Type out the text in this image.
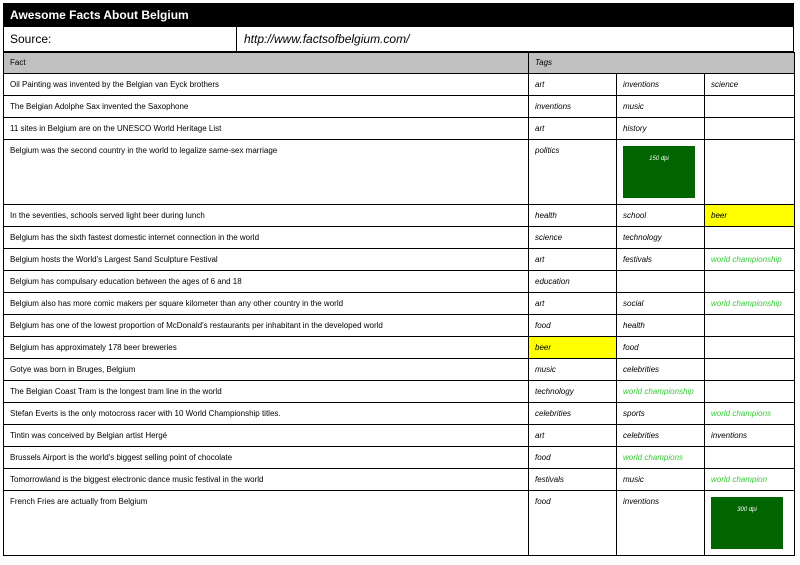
Awesome Facts About Belgium
Source:	http://www.factsofbelgium.com/
Fact	Tags		
Oil Painting was invented by the Belgian van Eyck brothers	art	inventions	science
The Belgian Adolphe Sax invented the Saxophone	inventions	music	
11 sites in Belgium are on the UNESCO World Heritage List	art	history	
Belgium was the second country in the world to legalize same-sex marriage	politics	150 dpi	

In the seventies, schools served light beer during lunch	health	school	beer
Belgium has the sixth fastest domestic internet connection in the world	science	technology	
Belgium hosts the World's Largest Sand Sculpture Festival	art	festivals	world championship
Belgium has compulsary education between the ages of 6 and 18	education		
Belgium also has more comic makers per square kilometer than any other country in the world	art	social	world championship
Belgium has one of the lowest proportion of McDonald's restaurants per inhabitant in the developed world	food	health	
Belgium has approximately 178 beer breweries	beer	food	
Gotye was born in Bruges, Belgium	music	celebrities	
The Belgian Coast Tram is the longest tram line in the world	technology	world championship	
Stefan Everts is the only motocross racer with 10 World Championship titles.	celebrities	sports	world champions
Tintin was conceived by Belgian artist Hergé	art	celebrities	inventions
Brussels Airport is the world's biggest selling point of chocolate	food	world champions	
Tomorrowland is the biggest electronic dance music festival in the world	festivals	music	world champion
French Fries are actually from Belgium	food	inventions	300 dpi
